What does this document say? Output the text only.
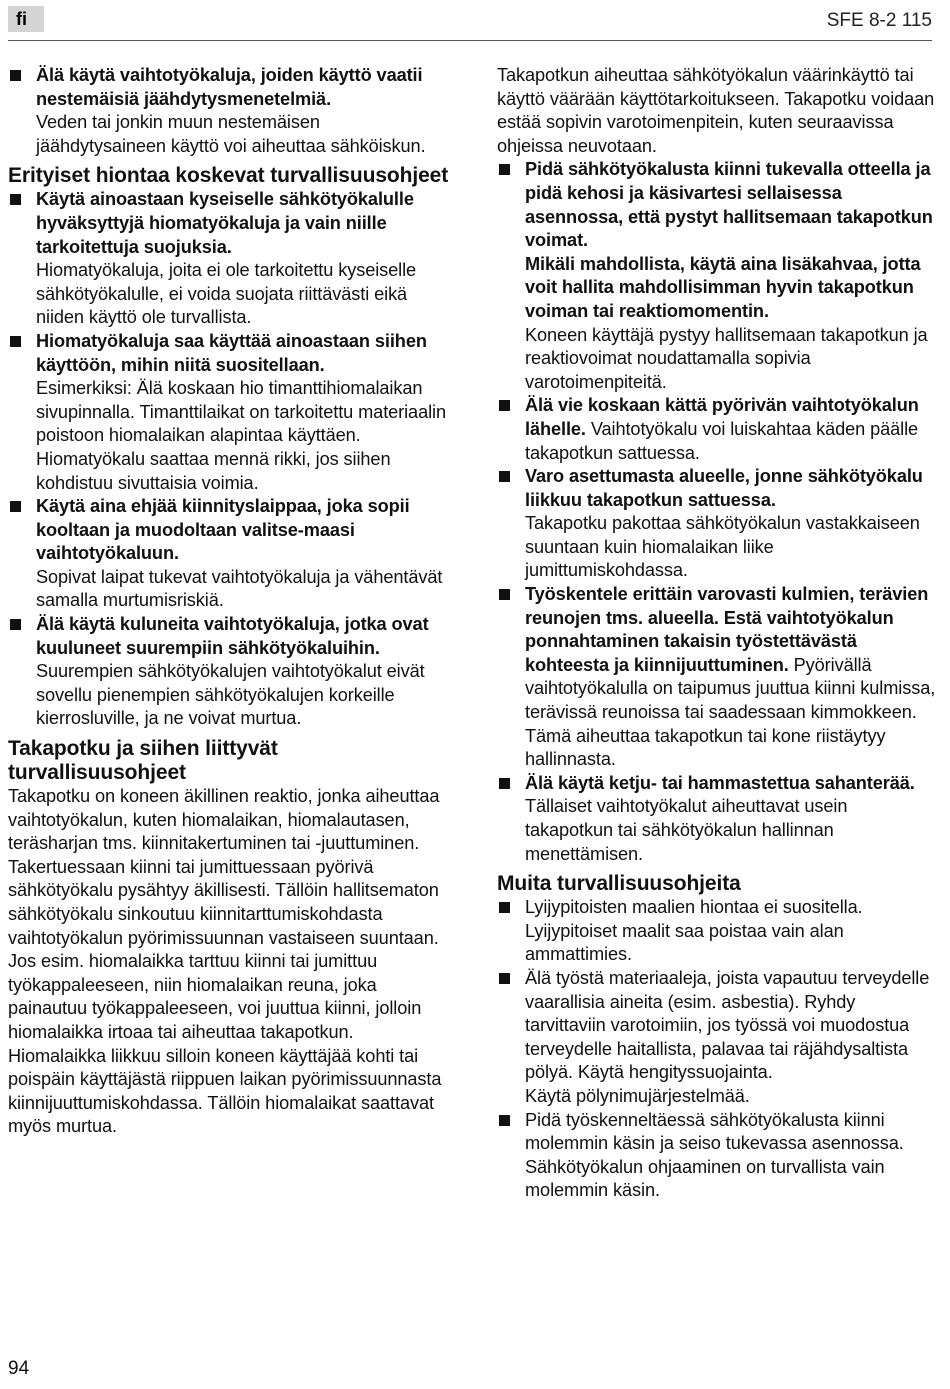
fi	SFE 8-2 115
Älä käytä vaihtotyökaluja, joiden käyttö vaatii nestemäisiä jäähdytysmenetelmiä.
Veden tai jonkin muun nestemäisen jäähdytysaineen käyttö voi aiheuttaa sähköiskun.
Erityiset hiontaa koskevat turvallisuusohjeet
Käytä ainoastaan kyseiselle sähkötyökalulle hyväksyttyjä hiomatyökaluja ja vain niille tarkoitettuja suojuksia.
Hiomatyökaluja, joita ei ole tarkoitettu kyseiselle sähkötyökalulle, ei voida suojata riittävästi eikä niiden käyttö ole turvallista.
Hiomatyökaluja saa käyttää ainoastaan siihen käyttöön, mihin niitä suositellaan.
Esimerkiksi: Älä koskaan hio timanttihiomalaikan sivupinnalla. Timanttilaikat on tarkoitettu materiaalin poistoon hiomalaikan alapintaa käyttäen. Hiomatyökalu saattaa mennä rikki, jos siihen kohdistuu sivuttaisia voimia.
Käytä aina ehjää kiinnityslaippaa, joka sopii kooltaan ja muodoltaan valitse-maasi vaihtotyökaluun.
Sopivat laipat tukevat vaihtotyökaluja ja vähentävät samalla murtumisriskiä.
Älä käytä kuluneita vaihtotyökaluja, jotka ovat kuuluneet suurempiin sähkötyökaluihin. Suurempien sähkötyökalujen vaihtotyökalut eivät sovellu pienempien sähkötyökalujen korkeille kierrosluville, ja ne voivat murtua.
Takapotku ja siihen liittyvät turvallisuusohjeet
Takapotku on koneen äkillinen reaktio, jonka aiheuttaa vaihtotyökalun, kuten hiomalaikan, hiomalautasen, teräsharjan tms. kiinnitakertuminen tai -juuttuminen.
Takertuessaan kiinni tai jumittuessaan pyörivä sähkötyökalu pysähtyy äkillisesti. Tällöin hallitsematon sähkötyökalu sinkoutuu kiinnitarttumiskohdasta vaihtotyökalun pyörimissuunnan vastaiseen suuntaan.
Jos esim. hiomalaikka tarttuu kiinni tai jumittuu työkappaleeseen, niin hiomalaikan reuna, joka painautuu työkappaleeseen, voi juuttua kiinni, jolloin hiomalaikka irtoaa tai aiheuttaa takapotkun. Hiomalaikka liikkuu silloin koneen käyttäjää kohti tai poispäin käyttäjästä riippuen laikan pyörimissuunnasta kiinnijuuttumiskohdassa. Tällöin hiomalaikat saattavat myös murtua.
Takapotkun aiheuttaa sähkötyökalun väärinkäyttö tai käyttö väärään käyttötarkoitukseen. Takapotku voidaan estää sopivin varotoimenpitein, kuten seuraavissa ohjeissa neuvotaan.
Pidä sähkötyökalusta kiinni tukevalla otteella ja pidä kehosi ja käsivartesi sellaisessa asennossa, että pystyt hallitsemaan takapotkun voimat.
Mikäli mahdollista, käytä aina lisäkahvaa, jotta voit hallita mahdollisimman hyvin takapotkun voiman tai reaktiomomentin.
Koneen käyttäjä pystyy hallitsemaan takapotkun ja reaktiovoimat noudattamalla sopivia varotoimenpiteitä.
Älä vie koskaan kättä pyörivän vaihtotyökalun lähelle. Vaihtotyökalu voi luiskahtaa käden päälle takapotkun sattuessa.
Varo asettumasta alueelle, jonne sähkötyökalu liikkuu takapotkun sattuessa.
Takapotku pakottaa sähkötyökalun vastakkaiseen suuntaan kuin hiomalaikan liike jumittumiskohdassa.
Työskentele erittäin varovasti kulmien, terävien reunojen tms. alueella. Estä vaihtotyökalun ponnahtaminen takaisin työstettävästä kohteesta ja kiinnijuuttuminen. Pyörivällä vaihtotyökalulla on taipumus juuttua kiinni kulmissa, terävissä reunoissa tai saadessaan kimmokkeen. Tämä aiheuttaa takapotkun tai kone riistäytyy hallinnasta.
Älä käytä ketju- tai hammastettua sahanterää. Tällaiset vaihtotyökalut aiheuttavat usein takapotkun tai sähkötyökalun hallinnan menettämisen.
Muita turvallisuusohjeita
Lyijypitoisten maalien hiontaa ei suositella. Lyijypitoiset maalit saa poistaa vain alan ammattimies.
Älä työstä materiaaleja, joista vapautuu terveydelle vaarallisia aineita (esim. asbestia). Ryhdy tarvittaviin varotoimiin, jos työssä voi muodostua terveydelle haitallista, palavaa tai räjähdysaltista pölyä. Käytä hengityssuojainta.
Käytä pölynimujärjestelmää.
Pidä työskenneltäessä sähkötyökalusta kiinni molemmin käsin ja seiso tukevassa asennossa. Sähkötyökalun ohjaaminen on turvallista vain molemmin käsin.
94
